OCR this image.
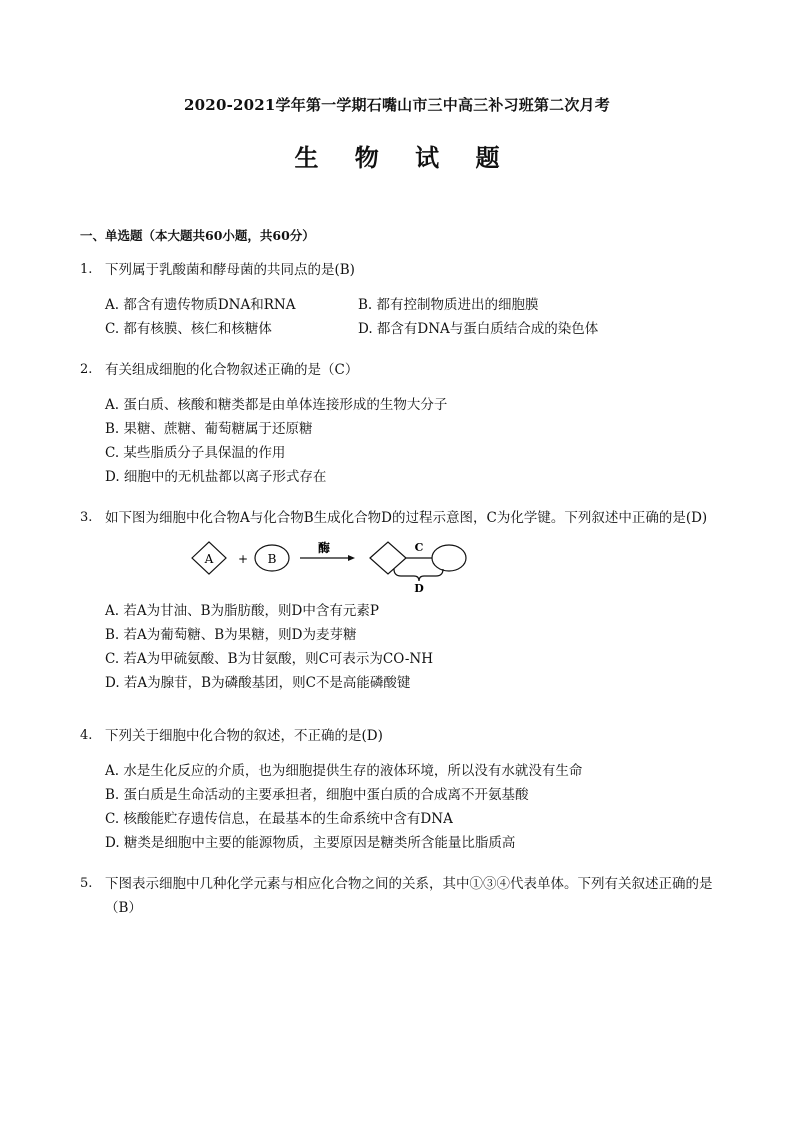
2020-2021学年第一学期石嘴山市三中高三补习班第二次月考
生 物 试 题
一、单选题（本大题共60小题，共60分）
1. 下列属于乳酸菌和酵母菌的共同点的是(B)
A. 都含有遗传物质DNA和RNA	B. 都有控制物质进出的细胞膜
C. 都有核膜、核仁和核糖体	D. 都含有DNA与蛋白质结合成的染色体
2. 有关组成细胞的化合物叙述正确的是（C）
A. 蛋白质、核酸和糖类都是由单体连接形成的生物大分子
B. 果糖、蔗糖、葡萄糖属于还原糖
C. 某些脂质分子具保温的作用
D. 细胞中的无机盐都以离子形式存在
3. 如下图为细胞中化合物A与化合物B生成化合物D的过程示意图，C为化学键。下列叙述中正确的是(D)
A + B
酶	C
D
A. 若A为甘油、B为脂肪酸，则D中含有元素P
B. 若A为葡萄糖、B为果糖，则D为麦芽糖
C. 若A为甲硫氨酸、B为甘氨酸，则C可表示为CO-NH
D. 若A为腺苷，B为磷酸基团，则C不是高能磷酸键
4. 下列关于细胞中化合物的叙述，不正确的是(D)
A. 水是生化反应的介质，也为细胞提供生存的液体环境，所以没有水就没有生命
B. 蛋白质是生命活动的主要承担者，细胞中蛋白质的合成离不开氨基酸
C. 核酸能贮存遗传信息，在最基本的生命系统中含有DNA
D. 糖类是细胞中主要的能源物质，主要原因是糖类所含能量比脂质高
5. 下图表示细胞中几种化学元素与相应化合物之间的关系，其中①③④代表单体。下列有关叙述正确的是（B）
